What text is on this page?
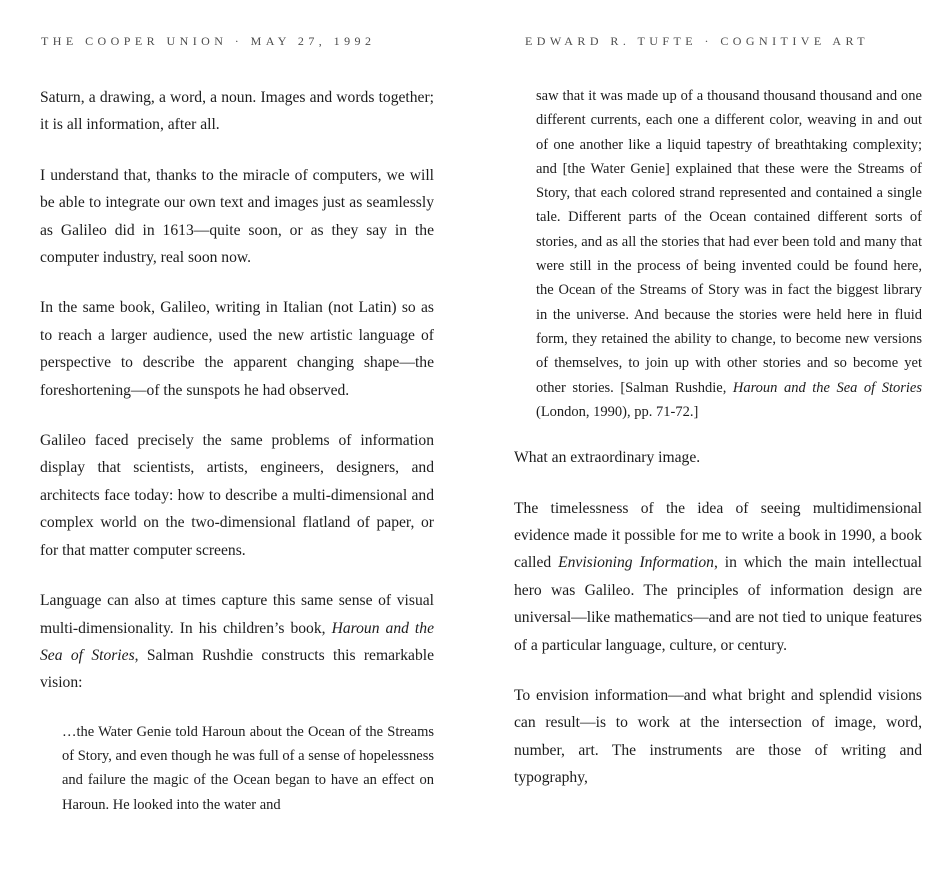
THE COOPER UNION · MAY 27, 1992	EDWARD R. TUFTE · COGNITIVE ART

Saturn, a drawing, a word, a noun. Images and words together; it is all information, after all.

I understand that, thanks to the miracle of computers, we will be able to integrate our own text and images just as seamlessly as Galileo did in 1613—quite soon, or as they say in the computer industry, real soon now.

In the same book, Galileo, writing in Italian (not Latin) so as to reach a larger audience, used the new artistic language of perspective to describe the apparent changing shape—the foreshortening—of the sunspots he had observed.

Galileo faced precisely the same problems of information display that scientists, artists, engineers, designers, and architects face today: how to describe a multi-dimensional and complex world on the two-dimensional flatland of paper, or for that matter computer screens.

Language can also at times capture this same sense of visual multi-dimensionality. In his children’s book, Haroun and the Sea of Stories, Salman Rushdie constructs this remarkable vision:

…the Water Genie told Haroun about the Ocean of the Streams of Story, and even though he was full of a sense of hopelessness and failure the magic of the Ocean began to have an effect on Haroun. He looked into the water and

saw that it was made up of a thousand thousand thousand and one different currents, each one a different color, weaving in and out of one another like a liquid tapestry of breathtaking complexity; and [the Water Genie] explained that these were the Streams of Story, that each colored strand represented and contained a single tale. Different parts of the Ocean contained different sorts of stories, and as all the stories that had ever been told and many that were still in the process of being invented could be found here, the Ocean of the Streams of Story was in fact the biggest library in the universe. And because the stories were held here in fluid form, they retained the ability to change, to become new versions of themselves, to join up with other stories and so become yet other stories. [Salman Rushdie, Haroun and the Sea of Stories (London, 1990), pp. 71-72.]

What an extraordinary image.

The timelessness of the idea of seeing multidimensional evidence made it possible for me to write a book in 1990, a book called Envisioning Information, in which the main intellectual hero was Galileo. The principles of information design are universal—like mathematics—and are not tied to unique features of a particular language, culture, or century.

To envision information—and what bright and splendid visions can result—is to work at the intersection of image, word, number, art. The instruments are those of writing and typography,
